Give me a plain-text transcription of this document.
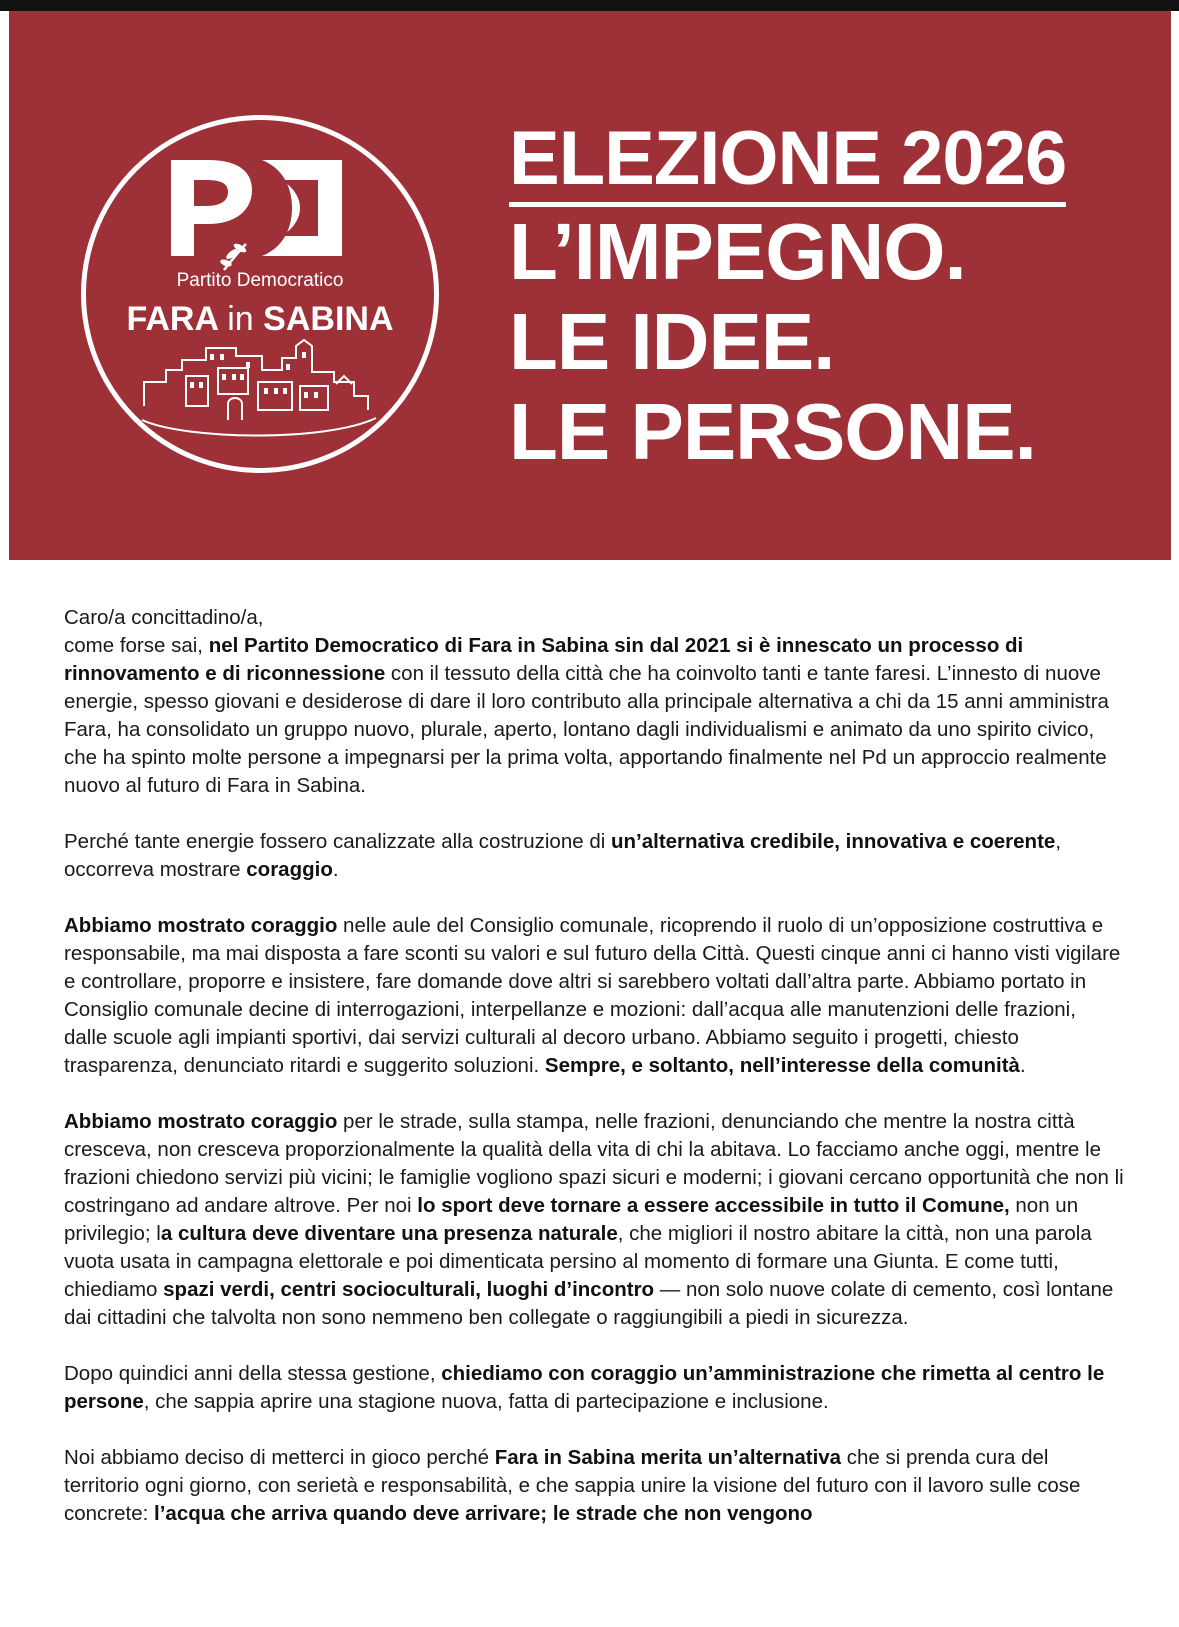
Partito Democratico
FARA in SABINA
ELEZIONE 2026
L’IMPEGNO.
LE IDEE.
LE PERSONE.
Caro/a concittadino/a,

come forse sai, nel Partito Democratico di Fara in Sabina sin dal 2021 si è innescato un processo di rinnovamento e di riconnessione con il tessuto della città che ha coinvolto tanti e tante faresi. L’innesto di nuove energie, spesso giovani e desiderose di dare il loro contributo alla principale alternativa a chi da 15 anni amministra Fara, ha consolidato un gruppo nuovo, plurale, aperto, lontano dagli individualismi e animato da uno spirito civico, che ha spinto molte persone a impegnarsi per la prima volta, apportando finalmente nel Pd un approccio realmente nuovo al futuro di Fara in Sabina.

Perché tante energie fossero canalizzate alla costruzione di un’alternativa credibile, innovativa e coerente, occorreva mostrare coraggio.

Abbiamo mostrato coraggio nelle aule del Consiglio comunale, ricoprendo il ruolo di un’opposizione costruttiva e responsabile, ma mai disposta a fare sconti su valori e sul futuro della Città. Questi cinque anni ci hanno visti vigilare e controllare, proporre e insistere, fare domande dove altri si sarebbero voltati dall’altra parte. Abbiamo portato in Consiglio comunale decine di interrogazioni, interpellanze e mozioni: dall’acqua alle manutenzioni delle frazioni, dalle scuole agli impianti sportivi, dai servizi culturali al decoro urbano. Abbiamo seguito i progetti, chiesto trasparenza, denunciato ritardi e suggerito soluzioni. Sempre, e soltanto, nell’interesse della comunità.

Abbiamo mostrato coraggio per le strade, sulla stampa, nelle frazioni, denunciando che mentre la nostra città cresceva, non cresceva proporzionalmente la qualità della vita di chi la abitava. Lo facciamo anche oggi, mentre le frazioni chiedono servizi più vicini; le famiglie vogliono spazi sicuri e moderni; i giovani cercano opportunità che non li costringano ad andare altrove. Per noi lo sport deve tornare a essere accessibile in tutto il Comune, non un privilegio; la cultura deve diventare una presenza naturale, che migliori il nostro abitare la città, non una parola vuota usata in campagna elettorale e poi dimenticata persino al momento di formare una Giunta. E come tutti, chiediamo spazi verdi, centri socioculturali, luoghi d’incontro — non solo nuove colate di cemento, così lontane dai cittadini che talvolta non sono nemmeno ben collegate o raggiungibili a piedi in sicurezza.

Dopo quindici anni della stessa gestione, chiediamo con coraggio un’amministrazione che rimetta al centro le persone, che sappia aprire una stagione nuova, fatta di partecipazione e inclusione.

Noi abbiamo deciso di metterci in gioco perché Fara in Sabina merita un’alternativa che si prenda cura del territorio ogni giorno, con serietà e responsabilità, e che sappia unire la visione del futuro con il lavoro sulle cose concrete: l’acqua che arriva quando deve arrivare; le strade che non vengono
